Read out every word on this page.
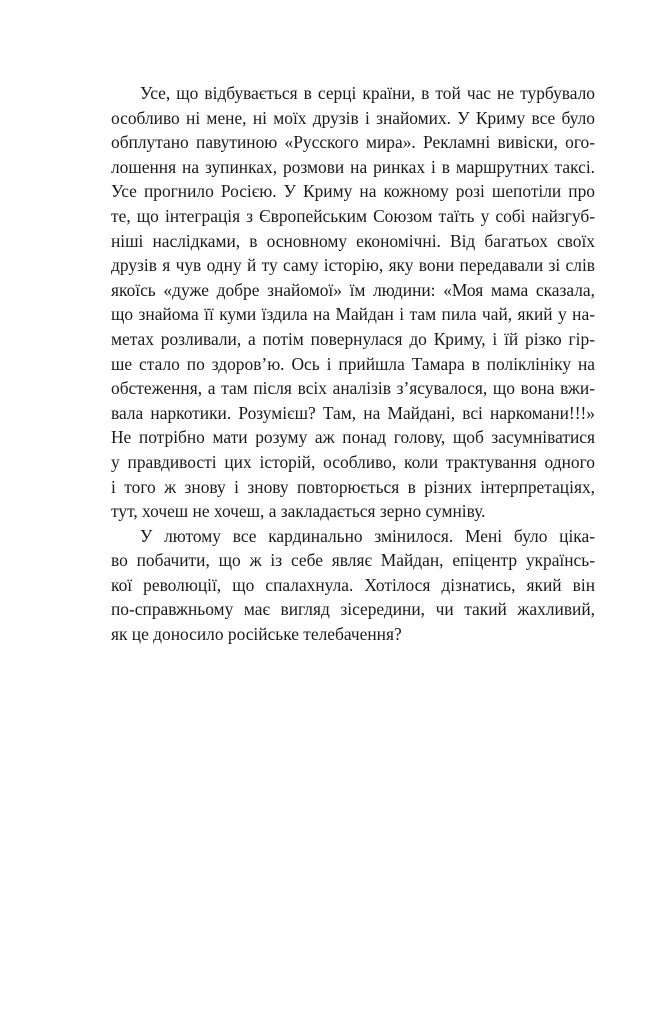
Усе, що відбувається в серці країни, в той час не турбувало
особливо ні мене, ні моїх друзів і знайомих. У Криму все було
обплутано павутиною «Русского мира». Рекламні вивіски, ого-
лошення на зупинках, розмови на ринках і в маршрутних таксі.
Усе прогнило Росією. У Криму на кожному розі шепотіли про
те, що інтеграція з Європейським Союзом таїть у собі найзгуб-
ніші наслідками, в основному економічні. Від багатьох своїх
друзів я чув одну й ту саму історію, яку вони передавали зі слів
якоїсь «дуже добре знайомої» їм людини: «Моя мама сказала,
що знайома її куми їздила на Майдан і там пила чай, який у на-
метах розливали, а потім повернулася до Криму, і їй різко гір-
ше стало по здоров’ю. Ось і прийшла Тамара в поліклініку на
обстеження, а там після всіх аналізів з’ясувалося, що вона вжи-
вала наркотики. Розумієш? Там, на Майдані, всі наркомани!!!»
Не потрібно мати розуму аж понад голову, щоб засумніватися
у правдивості цих історій, особливо, коли трактування одного
і того ж знову і знову повторюється в різних інтерпретаціях,
тут, хочеш не хочеш, а закладається зерно сумніву.
У лютому все кардинально змінилося. Мені було ціка-
во побачити, що ж із себе являє Майдан, епіцентр українсь-
кої революції, що спалахнула. Хотілося дізнатись, який він
по-справжньому має вигляд зісередини, чи такий жахливий,
як це доносило російське телебачення?
